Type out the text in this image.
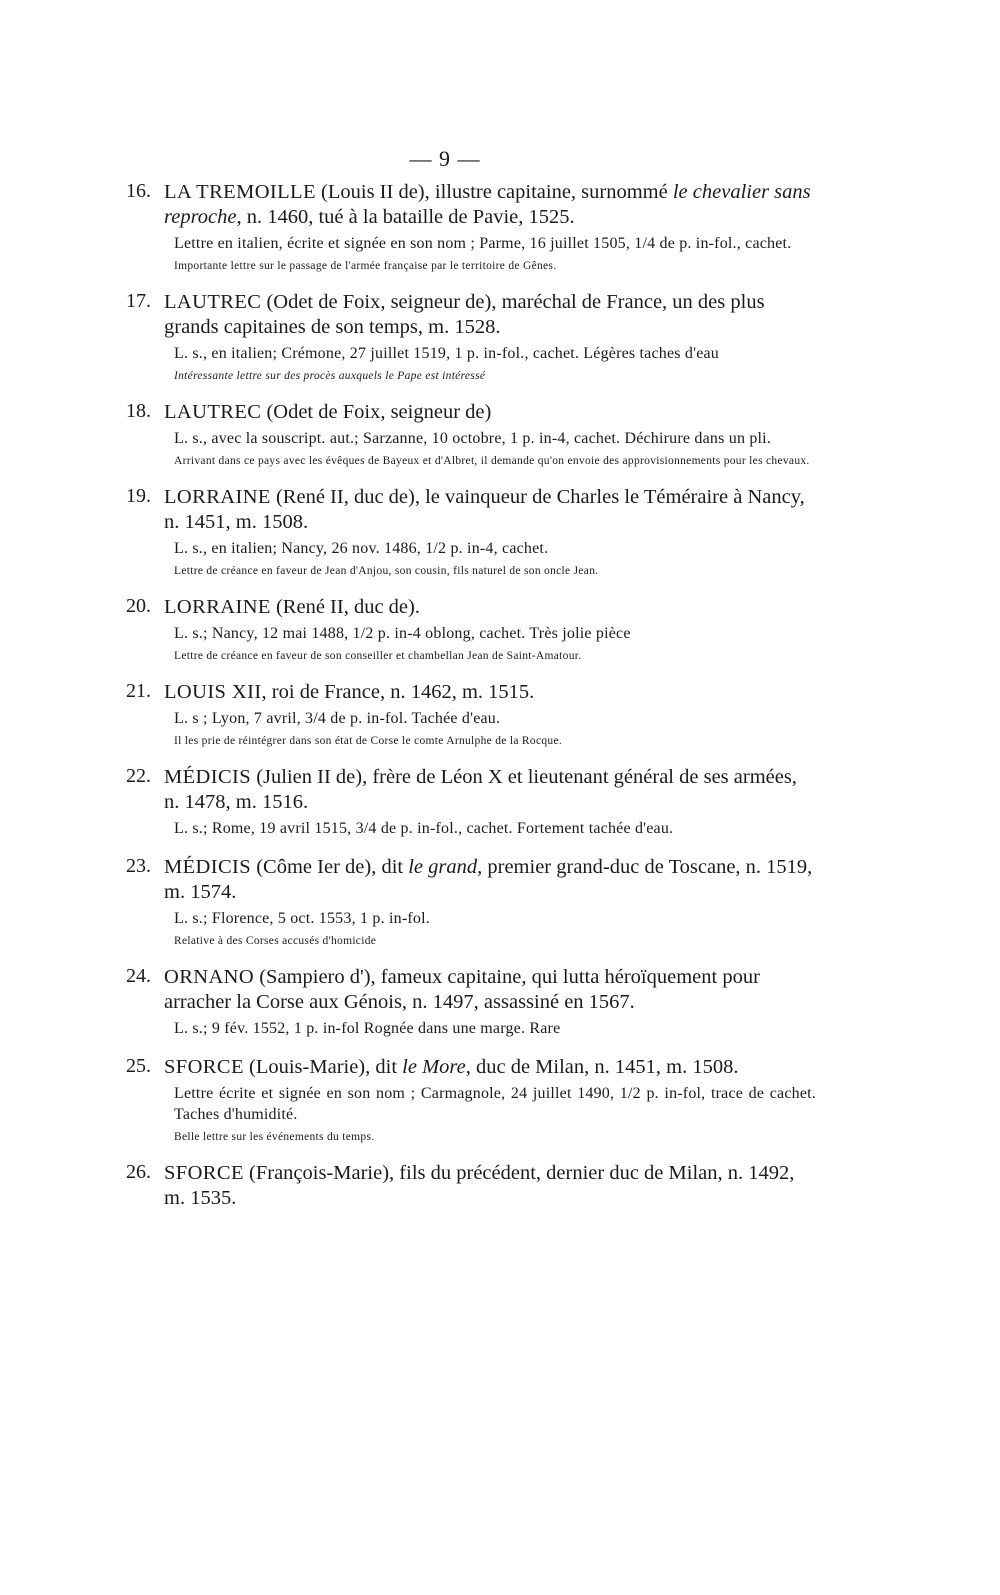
— 9 —
16. LA TREMOILLE (Louis II de), illustre capitaine, surnommé le chevalier sans reproche, n. 1460, tué à la bataille de Pavie, 1525.
Lettre en italien, écrite et signée en son nom ; Parme, 16 juillet 1505, 1/4 de p. in-fol., cachet.
Importante lettre sur le passage de l'armée française par le territoire de Gênes.
17. LAUTREC (Odet de Foix, seigneur de), maréchal de France, un des plus grands capitaines de son temps, m. 1528.
L. s., en italien; Crémone, 27 juillet 1519, 1 p. in-fol., cachet. Légères taches d'eau
Intéressante lettre sur des procès auxquels le Pape est intéressé
18. LAUTREC (Odet de Foix, seigneur de)
L. s., avec la souscript. aut.; Sarzanne, 10 octobre, 1 p. in-4, cachet. Déchirure dans un pli.
Arrivant dans ce pays avec les évêques de Bayeux et d'Albret, il demande qu'on envoie des approvisionnements pour les chevaux.
19. LORRAINE (René II, duc de), le vainqueur de Charles le Téméraire à Nancy, n. 1451, m. 1508.
L. s., en italien; Nancy, 26 nov. 1486, 1/2 p. in-4, cachet.
Lettre de créance en faveur de Jean d'Anjou, son cousin, fils naturel de son oncle Jean.
20. LORRAINE (René II, duc de).
L. s.; Nancy, 12 mai 1488, 1/2 p. in-4 oblong, cachet. Très jolie pièce
Lettre de créance en faveur de son conseiller et chambellan Jean de Saint-Amatour.
21. LOUIS XII, roi de France, n. 1462, m. 1515.
L. s ; Lyon, 7 avril, 3/4 de p. in-fol. Tachée d'eau.
Il les prie de réintégrer dans son état de Corse le comte Arnulphe de la Rocque.
22. MÉDICIS (Julien II de), frère de Léon X et lieutenant général de ses armées, n. 1478, m. 1516.
L. s.; Rome, 19 avril 1515, 3/4 de p. in-fol., cachet. Fortement tachée d'eau.
23. MÉDICIS (Côme Ier de), dit le grand, premier grand-duc de Toscane, n. 1519, m. 1574.
L. s.; Florence, 5 oct. 1553, 1 p. in-fol.
Relative à des Corses accusés d'homicide
24. ORNANO (Sampiero d'), fameux capitaine, qui lutta héroïquement pour arracher la Corse aux Génois, n. 1497, assassiné en 1567.
L. s.; 9 fév. 1552, 1 p. in-fol Rognée dans une marge. Rare
25. SFORCE (Louis-Marie), dit le More, duc de Milan, n. 1451, m. 1508.
Lettre écrite et signée en son nom ; Carmagnole, 24 juillet 1490, 1/2 p. in-fol, trace de cachet. Taches d'humidité.
Belle lettre sur les événements du temps.
26. SFORCE (François-Marie), fils du précédent, dernier duc de Milan, n. 1492, m. 1535.
